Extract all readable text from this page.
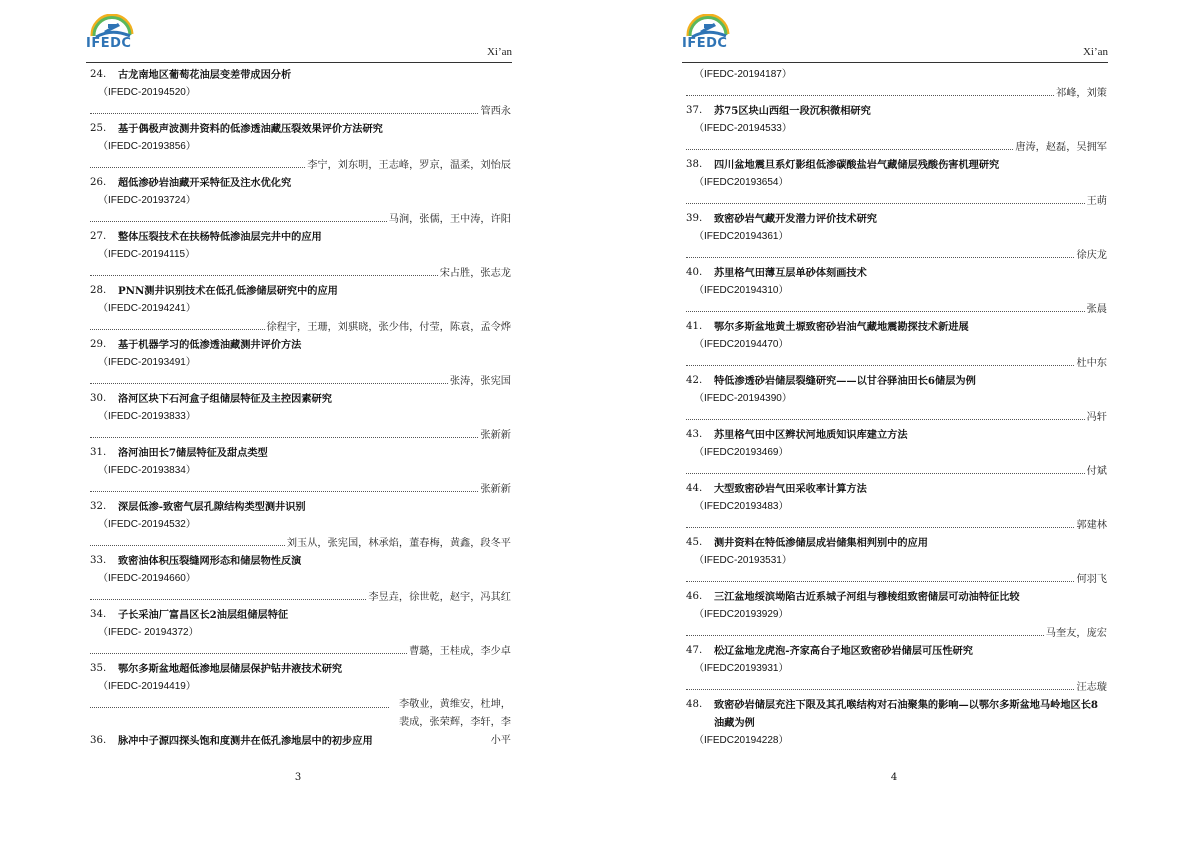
IFEDC
Xi’an
24.	古龙南地区葡萄花油层变差带成因分析
（IFEDC-20194520）
管西永
25.	基于偶极声波测井资料的低渗透油藏压裂效果评价方法研究
（IFEDC-20193856）
李宁，刘东明，王志峰，罗京，温柔，刘怡辰
26.	超低渗砂岩油藏开采特征及注水优化究
（IFEDC-20193724）
马涧，张儒，王中涛，许阳
27.	整体压裂技术在扶杨特低渗油层完井中的应用
（IFEDC-20194115）
宋占胜，张志龙
28.	PNN测井识别技术在低孔低渗储层研究中的应用
（IFEDC-20194241）
徐程宇，王珊，刘骐晓，张少伟，付莹，陈袁，孟令烨
29.	基于机器学习的低渗透油藏测井评价方法
（IFEDC-20193491）
张涛，张宪国
30.	洛河区块下石河盒子组储层特征及主控因素研究
（IFEDC-20193833）
张新新
31.	洛河油田长7储层特征及甜点类型
（IFEDC-20193834）
张新新
32.	深层低渗-致密气层孔隙结构类型测井识别
（IFEDC-20194532）
刘玉从，张宪国，林承焰，董春梅，黄鑫，段冬平
33.	致密油体积压裂缝网形态和储层物性反演
（IFEDC-20194660）
李昱垚，徐世乾，赵宇，冯其红
34.	子长采油厂富昌区长2油层组储层特征
（IFEDC- 20194372）
曹璐，王桂成，李少卓
35.	鄂尔多斯盆地超低渗地层储层保护钻井液技术研究
（IFEDC-20194419）
李敬业，黄维安，杜坤，裴成，张荣辉，李轩，李小平
36.	脉冲中子源四探头饱和度测井在低孔渗地层中的初步应用
3
IFEDC
Xi’an
（IFEDC-20194187）
祁峰，刘策
37.	苏75区块山西组一段沉积微相研究
（IFEDC-20194533）
唐涛，赵磊，吴拥军
38.	四川盆地震旦系灯影组低渗碳酸盐岩气藏储层残酸伤害机理研究
（IFEDC20193654）
王萌
39.	致密砂岩气藏开发潜力评价技术研究
（IFEDC20194361）
徐庆龙
40.	苏里格气田薄互层单砂体刻画技术
（IFEDC20194310）
张晨
41.	鄂尔多斯盆地黄土塬致密砂岩油气藏地震勘探技术新进展
（IFEDC20194470）
杜中东
42.	特低渗透砂岩储层裂缝研究——以甘谷驿油田长6储层为例
（IFEDC-20194390）
冯轩
43.	苏里格气田中区辫状河地质知识库建立方法
（IFEDC20193469）
付斌
44.	大型致密砂岩气田采收率计算方法
（IFEDC20193483）
郭建林
45.	测井资料在特低渗储层成岩储集相判别中的应用
（IFEDC-20193531）
何羽飞
46.	三江盆地绥滨坳陷古近系城子河组与穆棱组致密储层可动油特征比较
（IFEDC20193929）
马奎友，庞宏
47.	松辽盆地龙虎泡-齐家高台子地区致密砂岩储层可压性研究
（IFEDC20193931）
汪志璇
48.	致密砂岩储层充注下限及其孔喉结构对石油聚集的影响—以鄂尔多斯盆地马岭地区长8油藏为例
（IFEDC20194228）
4
